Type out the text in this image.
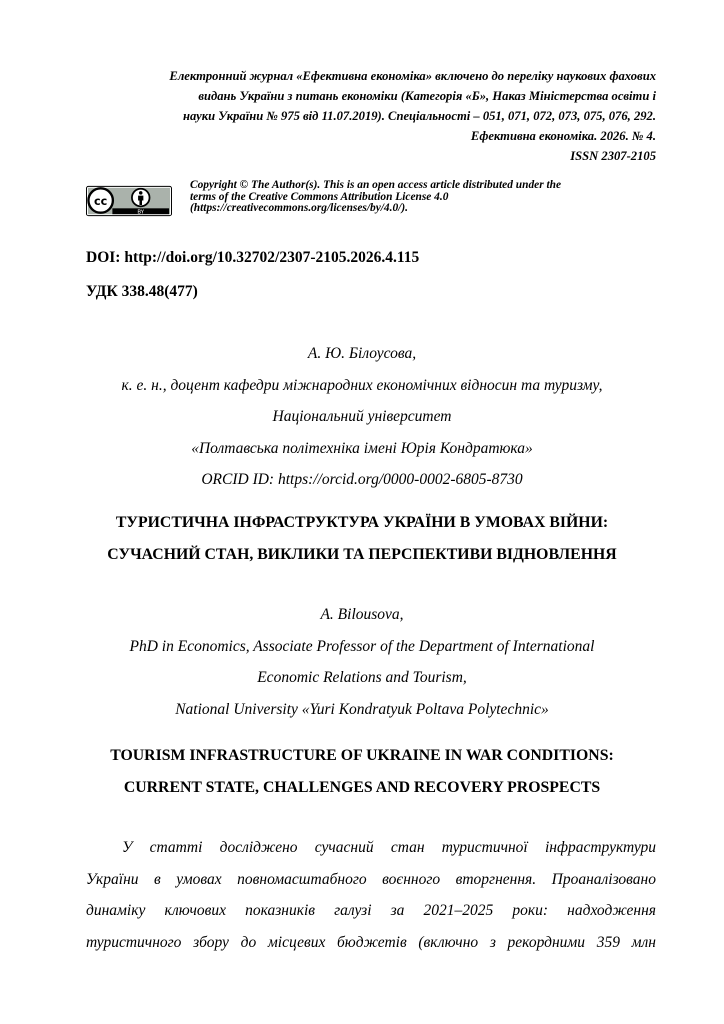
Електронний журнал «Ефективна економіка» включено до переліку наукових фахових
видань України з питань економіки (Категорія «Б», Наказ Міністерства освіти і
науки України № 975 від 11.07.2019). Спеціальності – 051, 071, 072, 073, 075, 076, 292.
Ефективна економіка. 2026. № 4.
ISSN 2307-2105
cc
BY
Copyright © The Author(s). This is an open access article distributed under the
terms of the Creative Commons Attribution License 4.0
(https://creativecommons.org/licenses/by/4.0/).
DOI: http://doi.org/10.32702/2307-2105.2026.4.115
УДК 338.48(477)
А. Ю. Білоусова,
к. е. н., доцент кафедри міжнародних економічних відносин та туризму,
Національний університет
«Полтавська політехніка імені Юрія Кондратюка»
ORCID ID: https://orcid.org/0000-0002-6805-8730
ТУРИСТИЧНА ІНФРАСТРУКТУРА УКРАЇНИ В УМОВАХ ВІЙНИ:
СУЧАСНИЙ СТАН, ВИКЛИКИ ТА ПЕРСПЕКТИВИ ВІДНОВЛЕННЯ
A. Bilousova,
PhD in Economics, Associate Professor of the Department of International
Economic Relations and Tourism,
National University «Yuri Kondratyuk Poltava Polytechnic»
TOURISM INFRASTRUCTURE OF UKRAINE IN WAR CONDITIONS:
CURRENT STATE, CHALLENGES AND RECOVERY PROSPECTS
У статті досліджено сучасний стан туристичної інфраструктури
України в умовах повномасштабного воєнного вторгнення. Проаналізовано
динаміку ключових показників галузі за 2021–2025 роки: надходження
туристичного збору до місцевих бюджетів (включно з рекордними 359 млн
